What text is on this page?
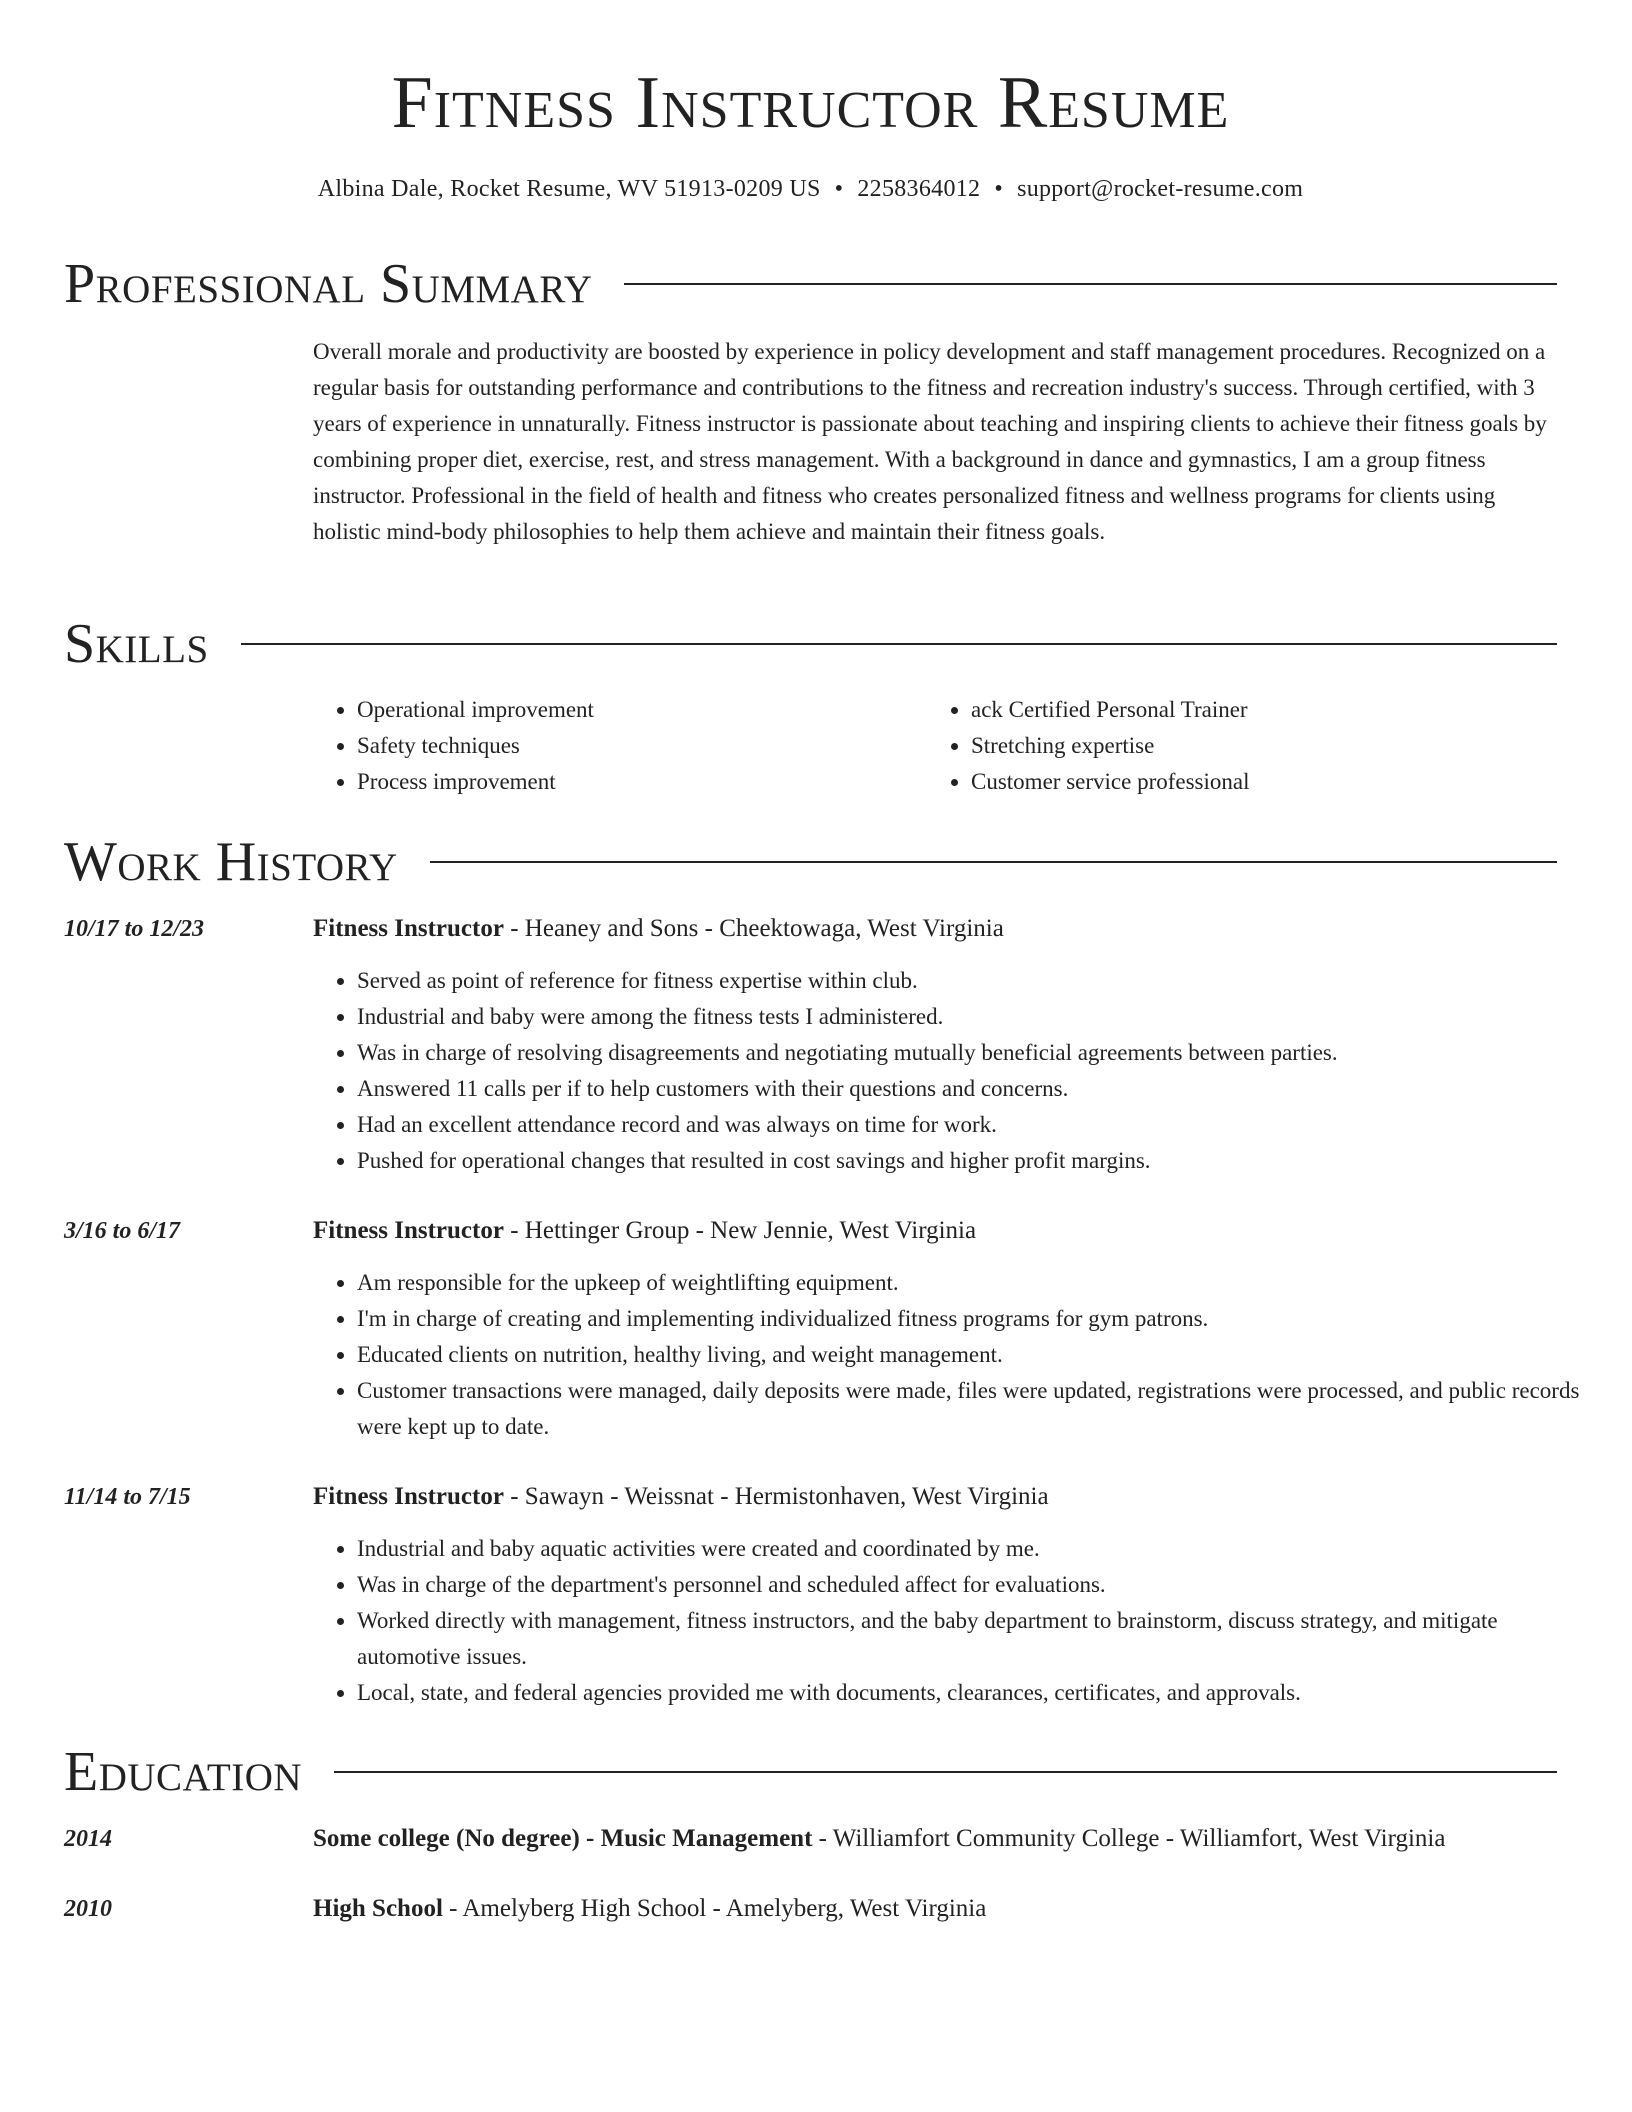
Fitness Instructor Resume
Albina Dale, Rocket Resume, WV 51913-0209 US • 2258364012 • support@rocket-resume.com
Professional Summary

Overall morale and productivity are boosted by experience in policy development and staff management procedures. Recognized on a regular basis for outstanding performance and contributions to the fitness and recreation industry's success. Through certified, with 3 years of experience in unnaturally. Fitness instructor is passionate about teaching and inspiring clients to achieve their fitness goals by combining proper diet, exercise, rest, and stress management. With a background in dance and gymnastics, I am a group fitness instructor. Professional in the field of health and fitness who creates personalized fitness and wellness programs for clients using holistic mind-body philosophies to help them achieve and maintain their fitness goals.

Skills
• Operational improvement
• Safety techniques
• Process improvement
• ack Certified Personal Trainer
• Stretching expertise
• Customer service professional
Work History
10/17 to 12/23	Fitness Instructor - Heaney and Sons - Cheektowaga, West Virginia
• Served as point of reference for fitness expertise within club.
• Industrial and baby were among the fitness tests I administered.
• Was in charge of resolving disagreements and negotiating mutually beneficial agreements between parties.
• Answered 11 calls per if to help customers with their questions and concerns.
• Had an excellent attendance record and was always on time for work.
• Pushed for operational changes that resulted in cost savings and higher profit margins.
3/16 to 6/17	Fitness Instructor - Hettinger Group - New Jennie, West Virginia
• Am responsible for the upkeep of weightlifting equipment.
• I'm in charge of creating and implementing individualized fitness programs for gym patrons.
• Educated clients on nutrition, healthy living, and weight management.
• Customer transactions were managed, daily deposits were made, files were updated, registrations were processed, and public records were kept up to date.
11/14 to 7/15	Fitness Instructor - Sawayn - Weissnat - Hermistonhaven, West Virginia
• Industrial and baby aquatic activities were created and coordinated by me.
• Was in charge of the department's personnel and scheduled affect for evaluations.
• Worked directly with management, fitness instructors, and the baby department to brainstorm, discuss strategy, and mitigate automotive issues.
• Local, state, and federal agencies provided me with documents, clearances, certificates, and approvals.
Education
2014	Some college (No degree) - Music Management - Williamfort Community College - Williamfort, West Virginia
2010	High School - Amelyberg High School - Amelyberg, West Virginia
